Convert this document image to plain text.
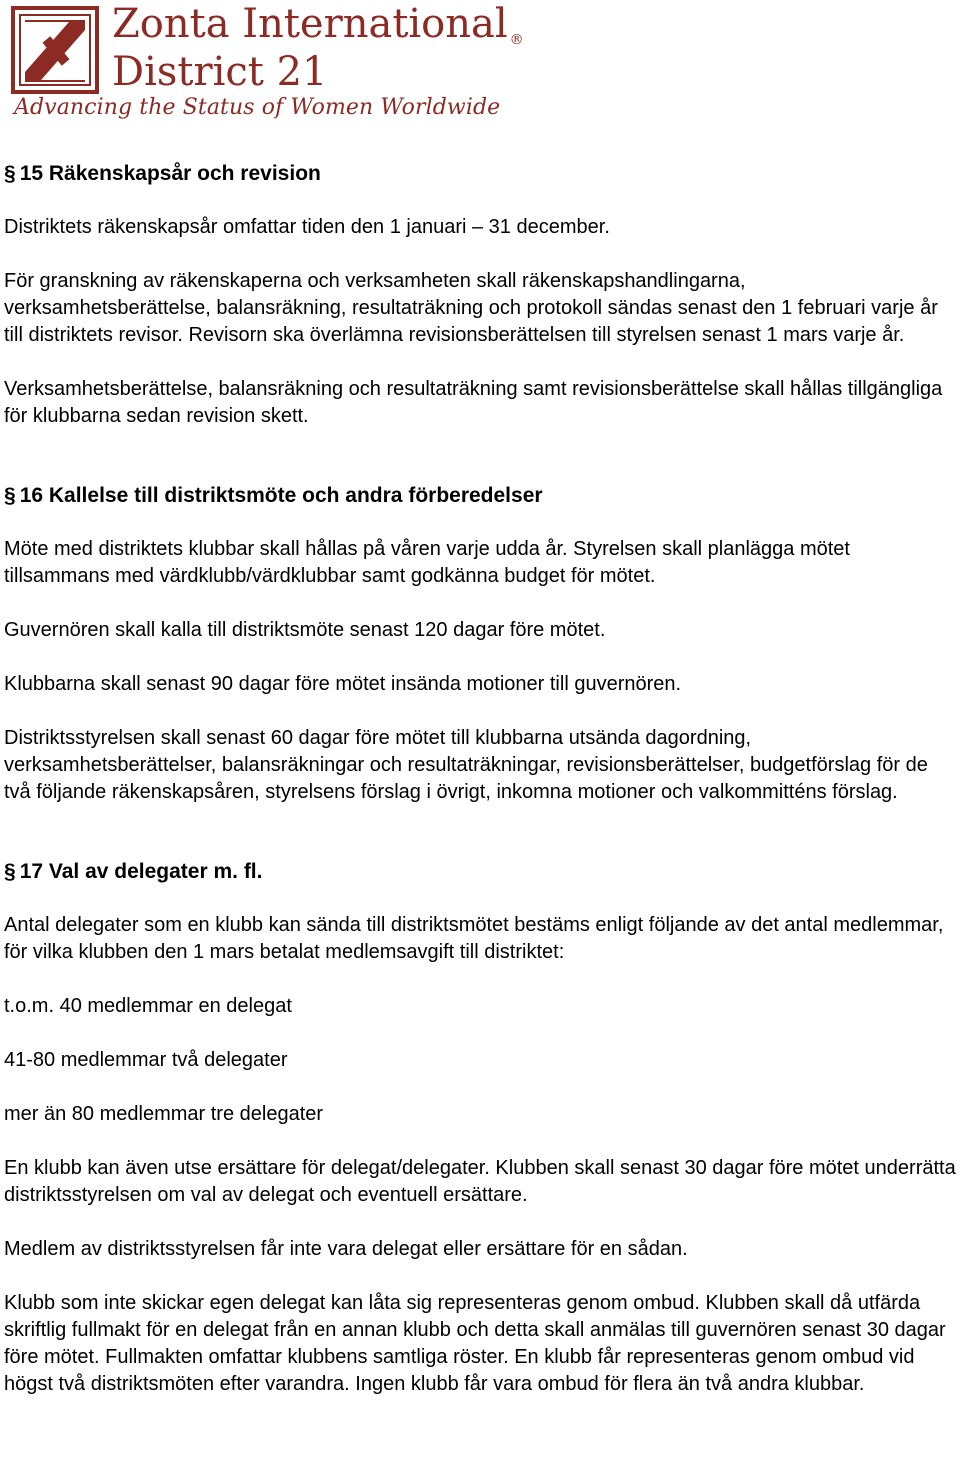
Zonta International ®
District 21
Advancing the Status of Women Worldwide
§ 15 Räkenskapsår och revision

Distriktets räkenskapsår omfattar tiden den 1 januari – 31 december.

För granskning av räkenskaperna och verksamheten skall räkenskapshandlingarna, verksamhetsberättelse, balansräkning, resultaträkning och protokoll sändas senast den 1 februari varje år till distriktets revisor. Revisorn ska överlämna revisionsberättelsen till styrelsen senast 1 mars varje år.

Verksamhetsberättelse, balansräkning och resultaträkning samt revisionsberättelse skall hållas tillgängliga för klubbarna sedan revision skett.

§ 16 Kallelse till distriktsmöte och andra förberedelser

Möte med distriktets klubbar skall hållas på våren varje udda år. Styrelsen skall planlägga mötet tillsammans med värdklubb/värdklubbar samt godkänna budget för mötet.

Guvernören skall kalla till distriktsmöte senast 120 dagar före mötet.

Klubbarna skall senast 90 dagar före mötet insända motioner till guvernören.

Distriktsstyrelsen skall senast 60 dagar före mötet till klubbarna utsända dagordning, verksamhetsberättelser, balansräkningar och resultaträkningar, revisionsberättelser, budgetförslag för de två följande räkenskapsåren, styrelsens förslag i övrigt, inkomna motioner och valkommitténs förslag.

§ 17 Val av delegater m. fl.

Antal delegater som en klubb kan sända till distriktsmötet bestäms enligt följande av det antal medlemmar, för vilka klubben den 1 mars betalat medlemsavgift till distriktet:

t.o.m. 40 medlemmar en delegat

41-80 medlemmar två delegater

mer än 80 medlemmar tre delegater

En klubb kan även utse ersättare för delegat/delegater. Klubben skall senast 30 dagar före mötet underrätta distriktsstyrelsen om val av delegat och eventuell ersättare.

Medlem av distriktsstyrelsen får inte vara delegat eller ersättare för en sådan.

Klubb som inte skickar egen delegat kan låta sig representeras genom ombud. Klubben skall då utfärda skriftlig fullmakt för en delegat från en annan klubb och detta skall anmälas till guvernören senast 30 dagar före mötet. Fullmakten omfattar klubbens samtliga röster. En klubb får representeras genom ombud vid högst två distriktsmöten efter varandra. Ingen klubb får vara ombud för flera än två andra klubbar.
